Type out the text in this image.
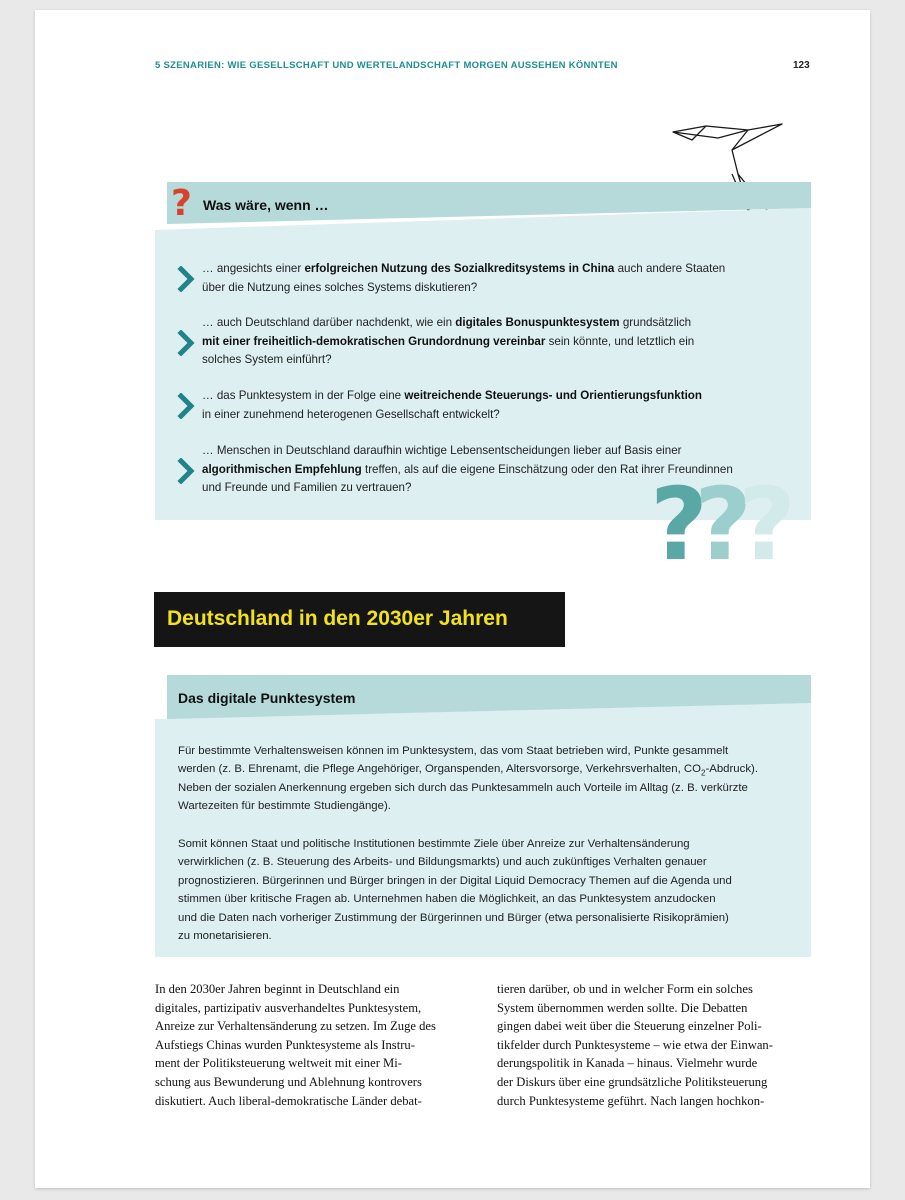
5 SZENARIEN: WIE GESELLSCHAFT UND WERTELANDSCHAFT MORGEN AUSSEHEN KÖNNTEN	123
? Was wäre, wenn …
… angesichts einer erfolgreichen Nutzung des Sozialkreditsystems in China auch andere Staaten
über die Nutzung eines solches Systems diskutieren?
… auch Deutschland darüber nachdenkt, wie ein digitales Bonuspunktesystem grundsätzlich
mit einer freiheitlich-demokratischen Grundordnung vereinbar sein könnte, und letztlich ein
solches System einführt?
… das Punktesystem in der Folge eine weitreichende Steuerungs- und Orientierungsfunktion
in einer zunehmend heterogenen Gesellschaft entwickelt?
… Menschen in Deutschland daraufhin wichtige Lebensentscheidungen lieber auf Basis einer
algorithmischen Empfehlung treffen, als auf die eigene Einschätzung oder den Rat ihrer Freundinnen
und Freunde und Familien zu vertrauen?	???
Deutschland in den 2030er Jahren
Das digitale Punktesystem
Für bestimmte Verhaltensweisen können im Punktesystem, das vom Staat betrieben wird, Punkte gesammelt
werden (z. B. Ehrenamt, die Pflege Angehöriger, Organspenden, Altersvorsorge, Verkehrsverhalten, $CO_2-Abdruck$).
Neben der sozialen Anerkennung ergeben sich durch das Punktesammeln auch Vorteile im Alltag (z. B. verkürzte
Wartezeiten für bestimmte Studiengänge).
Somit können Staat und politische Institutionen bestimmte Ziele über Anreize zur Verhaltensänderung
verwirklichen (z. B. Steuerung des Arbeits- und Bildungsmarkts) und auch zukünftiges Verhalten genauer
prognostizieren. Bürgerinnen und Bürger bringen in der Digital Liquid Democracy Themen auf die Agenda und
stimmen über kritische Fragen ab. Unternehmen haben die Möglichkeit, an das Punktesystem anzudocken
und die Daten nach vorheriger Zustimmung der Bürgerinnen und Bürger (etwa personalisierte Risikoprämien)
zu monetarisieren.
In den 2030er Jahren beginnt in Deutschland ein
digitales, partizipativ ausverhandeltes Punktesystem,
Anreize zur Verhaltensänderung zu setzen. Im Zuge des
Aufstiegs Chinas wurden Punktesysteme als Instru-
ment der Politiksteuerung weltweit mit einer Mi-
schung aus Bewunderung und Ablehnung kontrovers
diskutiert. Auch liberal-demokratische Länder debat-
tieren darüber, ob und in welcher Form ein solches
System übernommen werden sollte. Die Debatten
gingen dabei weit über die Steuerung einzelner Poli-
tikfelder durch Punktesysteme – wie etwa der Einwan-
derungspolitik in Kanada – hinaus. Vielmehr wurde
der Diskurs über eine grundsätzliche Politiksteuerung
durch Punktesysteme geführt. Nach langen hochkon-
